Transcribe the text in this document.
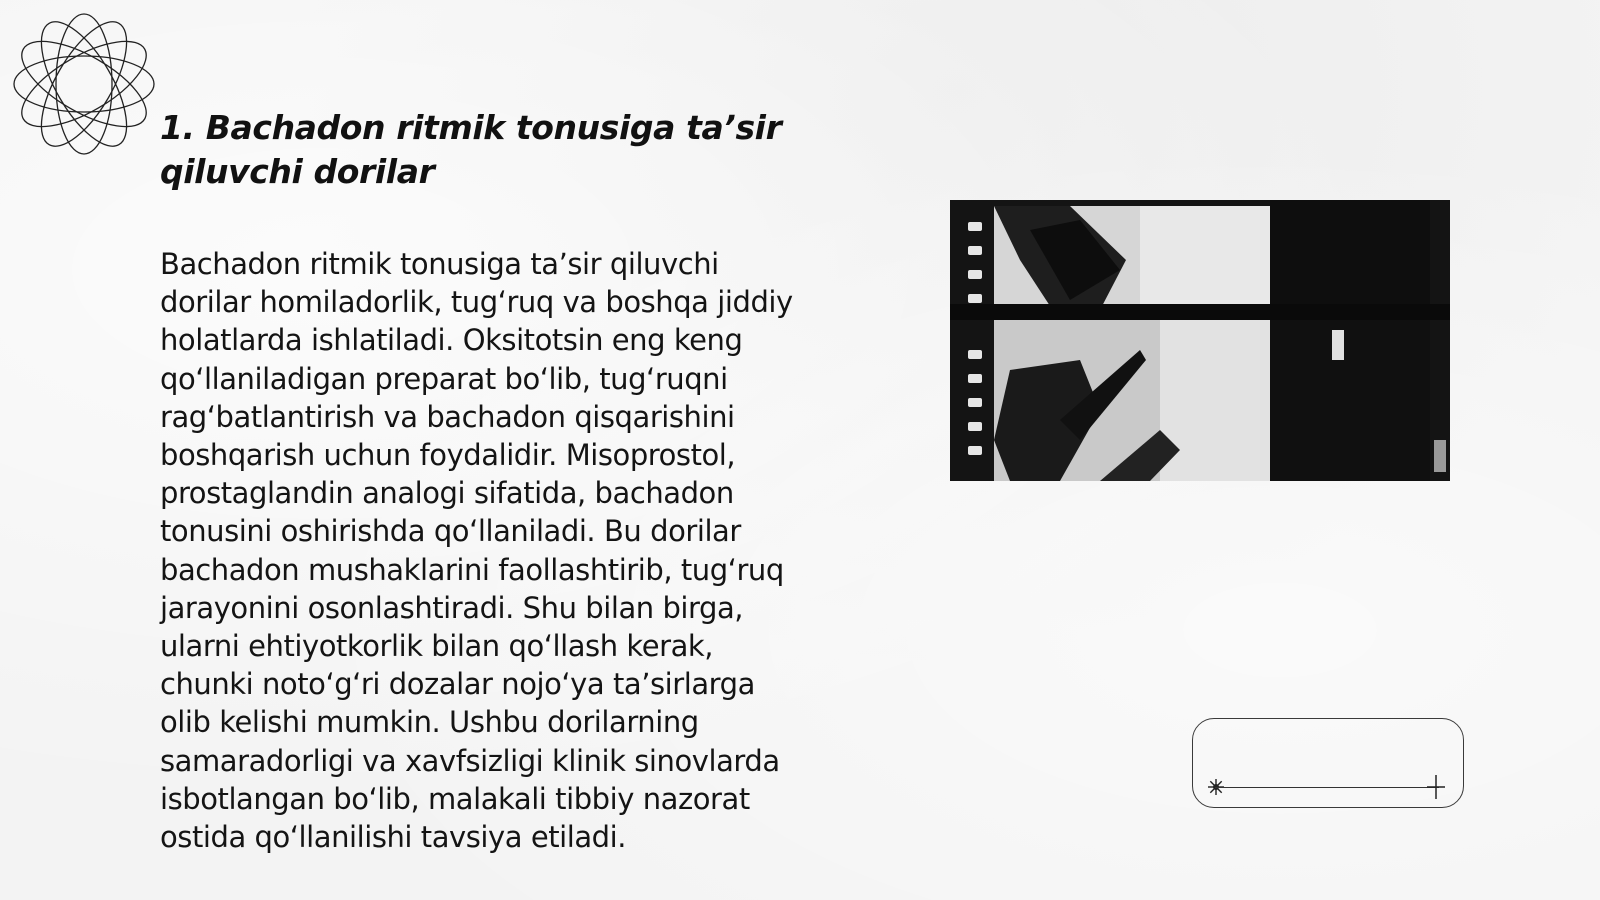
1. Bachadon ritmik tonusiga ta’sir qiluvchi dorilar

Bachadon ritmik tonusiga ta’sir qiluvchi
dorilar homiladorlik, tug‘ruq va boshqa jiddiy
holatlarda ishlatiladi. Oksitotsin eng keng
qo‘llaniladigan preparat bo‘lib, tug‘ruqni
rag‘batlantirish va bachadon qisqarishini
boshqarish uchun foydalidir. Misoprostol,
prostaglandin analogi sifatida, bachadon
tonusini oshirishda qo‘llaniladi. Bu dorilar
bachadon mushaklarini faollashtirib, tug‘ruq
jarayonini osonlashtiradi. Shu bilan birga,
ularni ehtiyotkorlik bilan qo‘llash kerak,
chunki noto‘g‘ri dozalar nojo‘ya ta’sirlarga
olib kelishi mumkin. Ushbu dorilarning
samaradorligi va xavfsizligi klinik sinovlarda
isbotlangan bo‘lib, malakali tibbiy nazorat
ostida qo‘llanilishi tavsiya etiladi.
